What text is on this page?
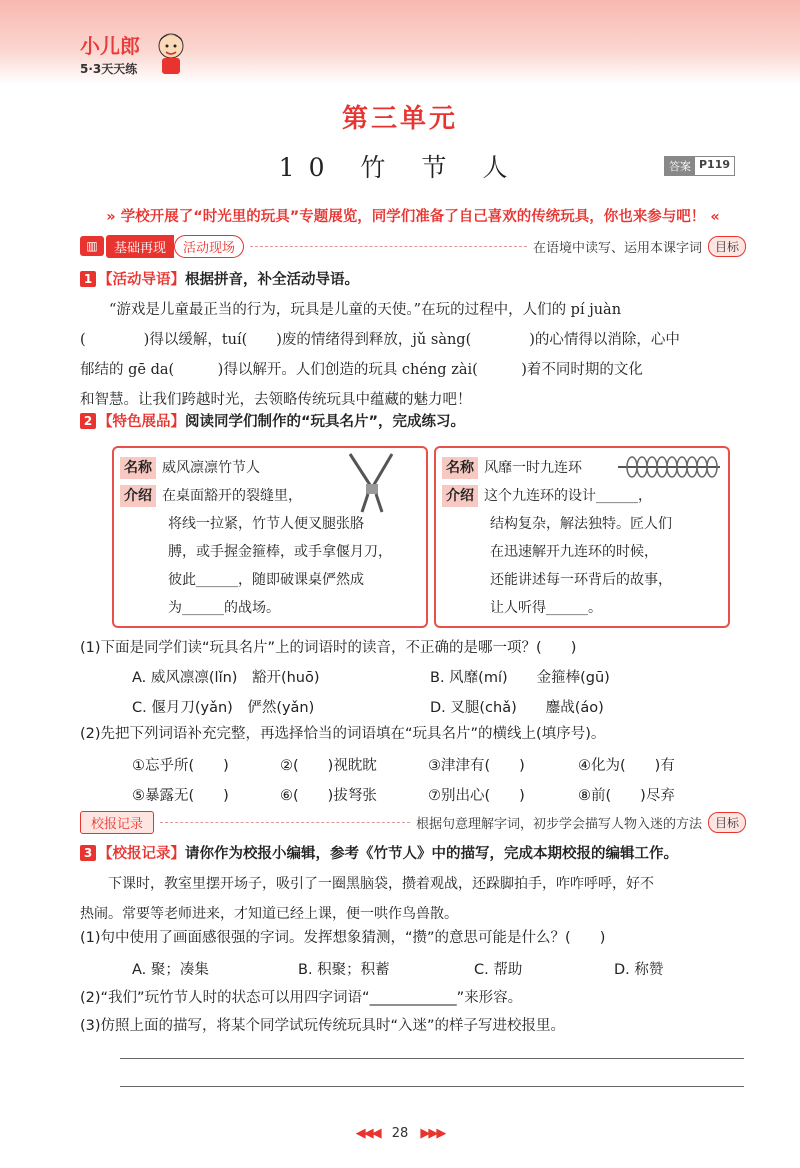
小儿郎
5·3天天练
第三单元
10 竹 节 人	答案 P119
» 学校开展了“时光里的玩具”专题展览，同学们准备了自己喜欢的传统玩具，你也来参与吧！ «
▥	基础再现	活动现场	在语境中读写、运用本课字词	目标
1 【活动导语】根据拼音，补全活动导语。
“游戏是儿童最正当的行为，玩具是儿童的天使。”在玩的过程中，人们的 pí juàn
(　　　　)得以缓解，tuí(　　)废的情绪得到释放，jǔ sàng(　　　　)的心情得以消除，心中
郁结的 gē da(　　　)得以解开。人们创造的玩具 chéng zài(　　　)着不同时期的文化
和智慧。让我们跨越时光，去领略传统玩具中蕴藏的魅力吧！
2 【特色展品】阅读同学们制作的“玩具名片”，完成练习。
名称 威风凛凛竹节人
介绍 在桌面豁开的裂缝里，
将线一拉紧，竹节人便叉腿张胳
膊，或手握金箍棒，或手拿偃月刀，
彼此______，随即破课桌俨然成
为______的战场。
名称 风靡一时九连环
介绍 这个九连环的设计______，
结构复杂，解法独特。匠人们
在迅速解开九连环的时候，
还能讲述每一环背后的故事，
让人听得______。
(1)下面是同学们读“玩具名片”上的词语时的读音，不正确的是哪一项？(　　)
A. 威风凛凛(lǐn)　豁开(huō)	B. 风靡(mí)　　金箍棒(gū)
C. 偃月刀(yǎn)　俨然(yǎn)	D. 叉腿(chǎ)　　鏖战(áo)
(2)先把下列词语补充完整，再选择恰当的词语填在“玩具名片”的横线上(填序号)。
①忘乎所(　　)	②(　　)视眈眈	③津津有(　　)	④化为(　　)有
⑤暴露无(　　)	⑥(　　)拔弩张	⑦别出心(　　)	⑧前(　　)尽弃
校报记录	根据句意理解字词，初步学会描写人物入迷的方法	目标
3 【校报记录】请你作为校报小编辑，参考《竹节人》中的描写，完成本期校报的编辑工作。
下课时，教室里摆开场子，吸引了一圈黑脑袋，攒着观战，还跺脚拍手，咋咋呼呼，好不
热闹。常要等老师进来，才知道已经上课，便一哄作鸟兽散。
(1)句中使用了画面感很强的字词。发挥想象猜测，“攒”的意思可能是什么？(　　)
A. 聚；凑集	B. 积聚；积蓄	C. 帮助	D. 称赞
(2)“我们”玩竹节人时的状态可以用四字词语“____________”来形容。
(3)仿照上面的描写，将某个同学试玩传统玩具时“入迷”的样子写进校报里。
◀◀◀ 28 ▶▶▶
